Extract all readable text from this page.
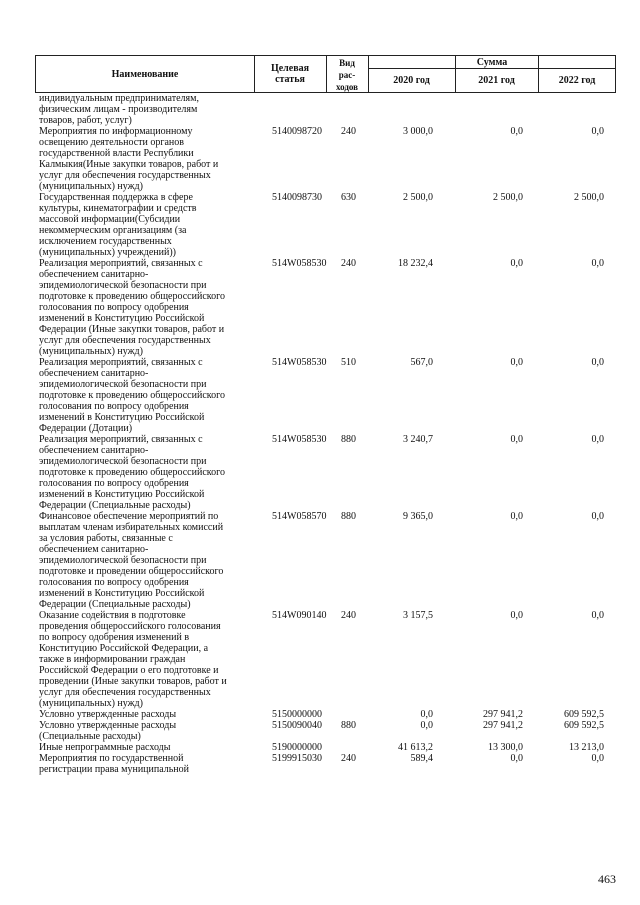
Наименование
Целевая
статья
Вид
рас-
ходов
Сумма
2020 год	2021 год	2022 год
индивидуальным предпринимателям,
физическим лицам - производителям
товаров, работ, услуг)
Мероприятия по информационному
освещению деятельности органов
государственной власти Республики
Калмыкия(Иные закупки товаров, работ и
услуг для обеспечения государственных
(муниципальных) нужд)
5140098720 240	3 000,0	0,0	0,0
Государственная поддержка в сфере
культуры, кинематографии и средств
массовой информации(Субсидии
некоммерческим организациям (за
исключением государственных
(муниципальных) учреждений))
5140098730 630	2 500,0	2 500,0	2 500,0
Реализация мероприятий, связанных с
обеспечением санитарно-
эпидемиологической безопасности при
подготовке к проведению общероссийского
голосования по вопросу одобрения
изменений в Конституцию Российской
Федерации (Иные закупки товаров, работ и
услуг для обеспечения государственных
(муниципальных) нужд)
514W058530 240	18 232,4	0,0	0,0
Реализация мероприятий, связанных с
обеспечением санитарно-
эпидемиологической безопасности при
подготовке к проведению общероссийского
голосования по вопросу одобрения
изменений в Конституцию Российской
Федерации (Дотации)
514W058530 510	567,0	0,0	0,0
Реализация мероприятий, связанных с
обеспечением санитарно-
эпидемиологической безопасности при
подготовке к проведению общероссийского
голосования по вопросу одобрения
изменений в Конституцию Российской
Федерации (Специальные расходы)
514W058530 880	3 240,7	0,0	0,0
Финансовое обеспечение мероприятий по
выплатам членам избирательных комиссий
за условия работы, связанные с
обеспечением санитарно-
эпидемиологической безопасности при
подготовке и проведении общероссийского
голосования по вопросу одобрения
изменений в Конституцию Российской
Федерации (Специальные расходы)
514W058570 880	9 365,0	0,0	0,0
Оказание содействия в подготовке
проведения общероссийского голосования
по вопросу одобрения изменений в
Конституцию Российской Федерации, а
также в информировании граждан
Российской Федерации о его подготовке и
проведении (Иные закупки товаров, работ и
услуг для обеспечения государственных
(муниципальных) нужд)
514W090140 240	3 157,5	0,0	0,0
Условно утвержденные расходы	5150000000	0,0	297 941,2	609 592,5
Условно утвержденные расходы
(Специальные расходы)
5150090040 880	0,0	297 941,2	609 592,5
Иные непрограммные расходы	5190000000	41 613,2	13 300,0	13 213,0
Мероприятия по государственной
регистрации права муниципальной
5199915030 240	589,4	0,0	0,0
463
